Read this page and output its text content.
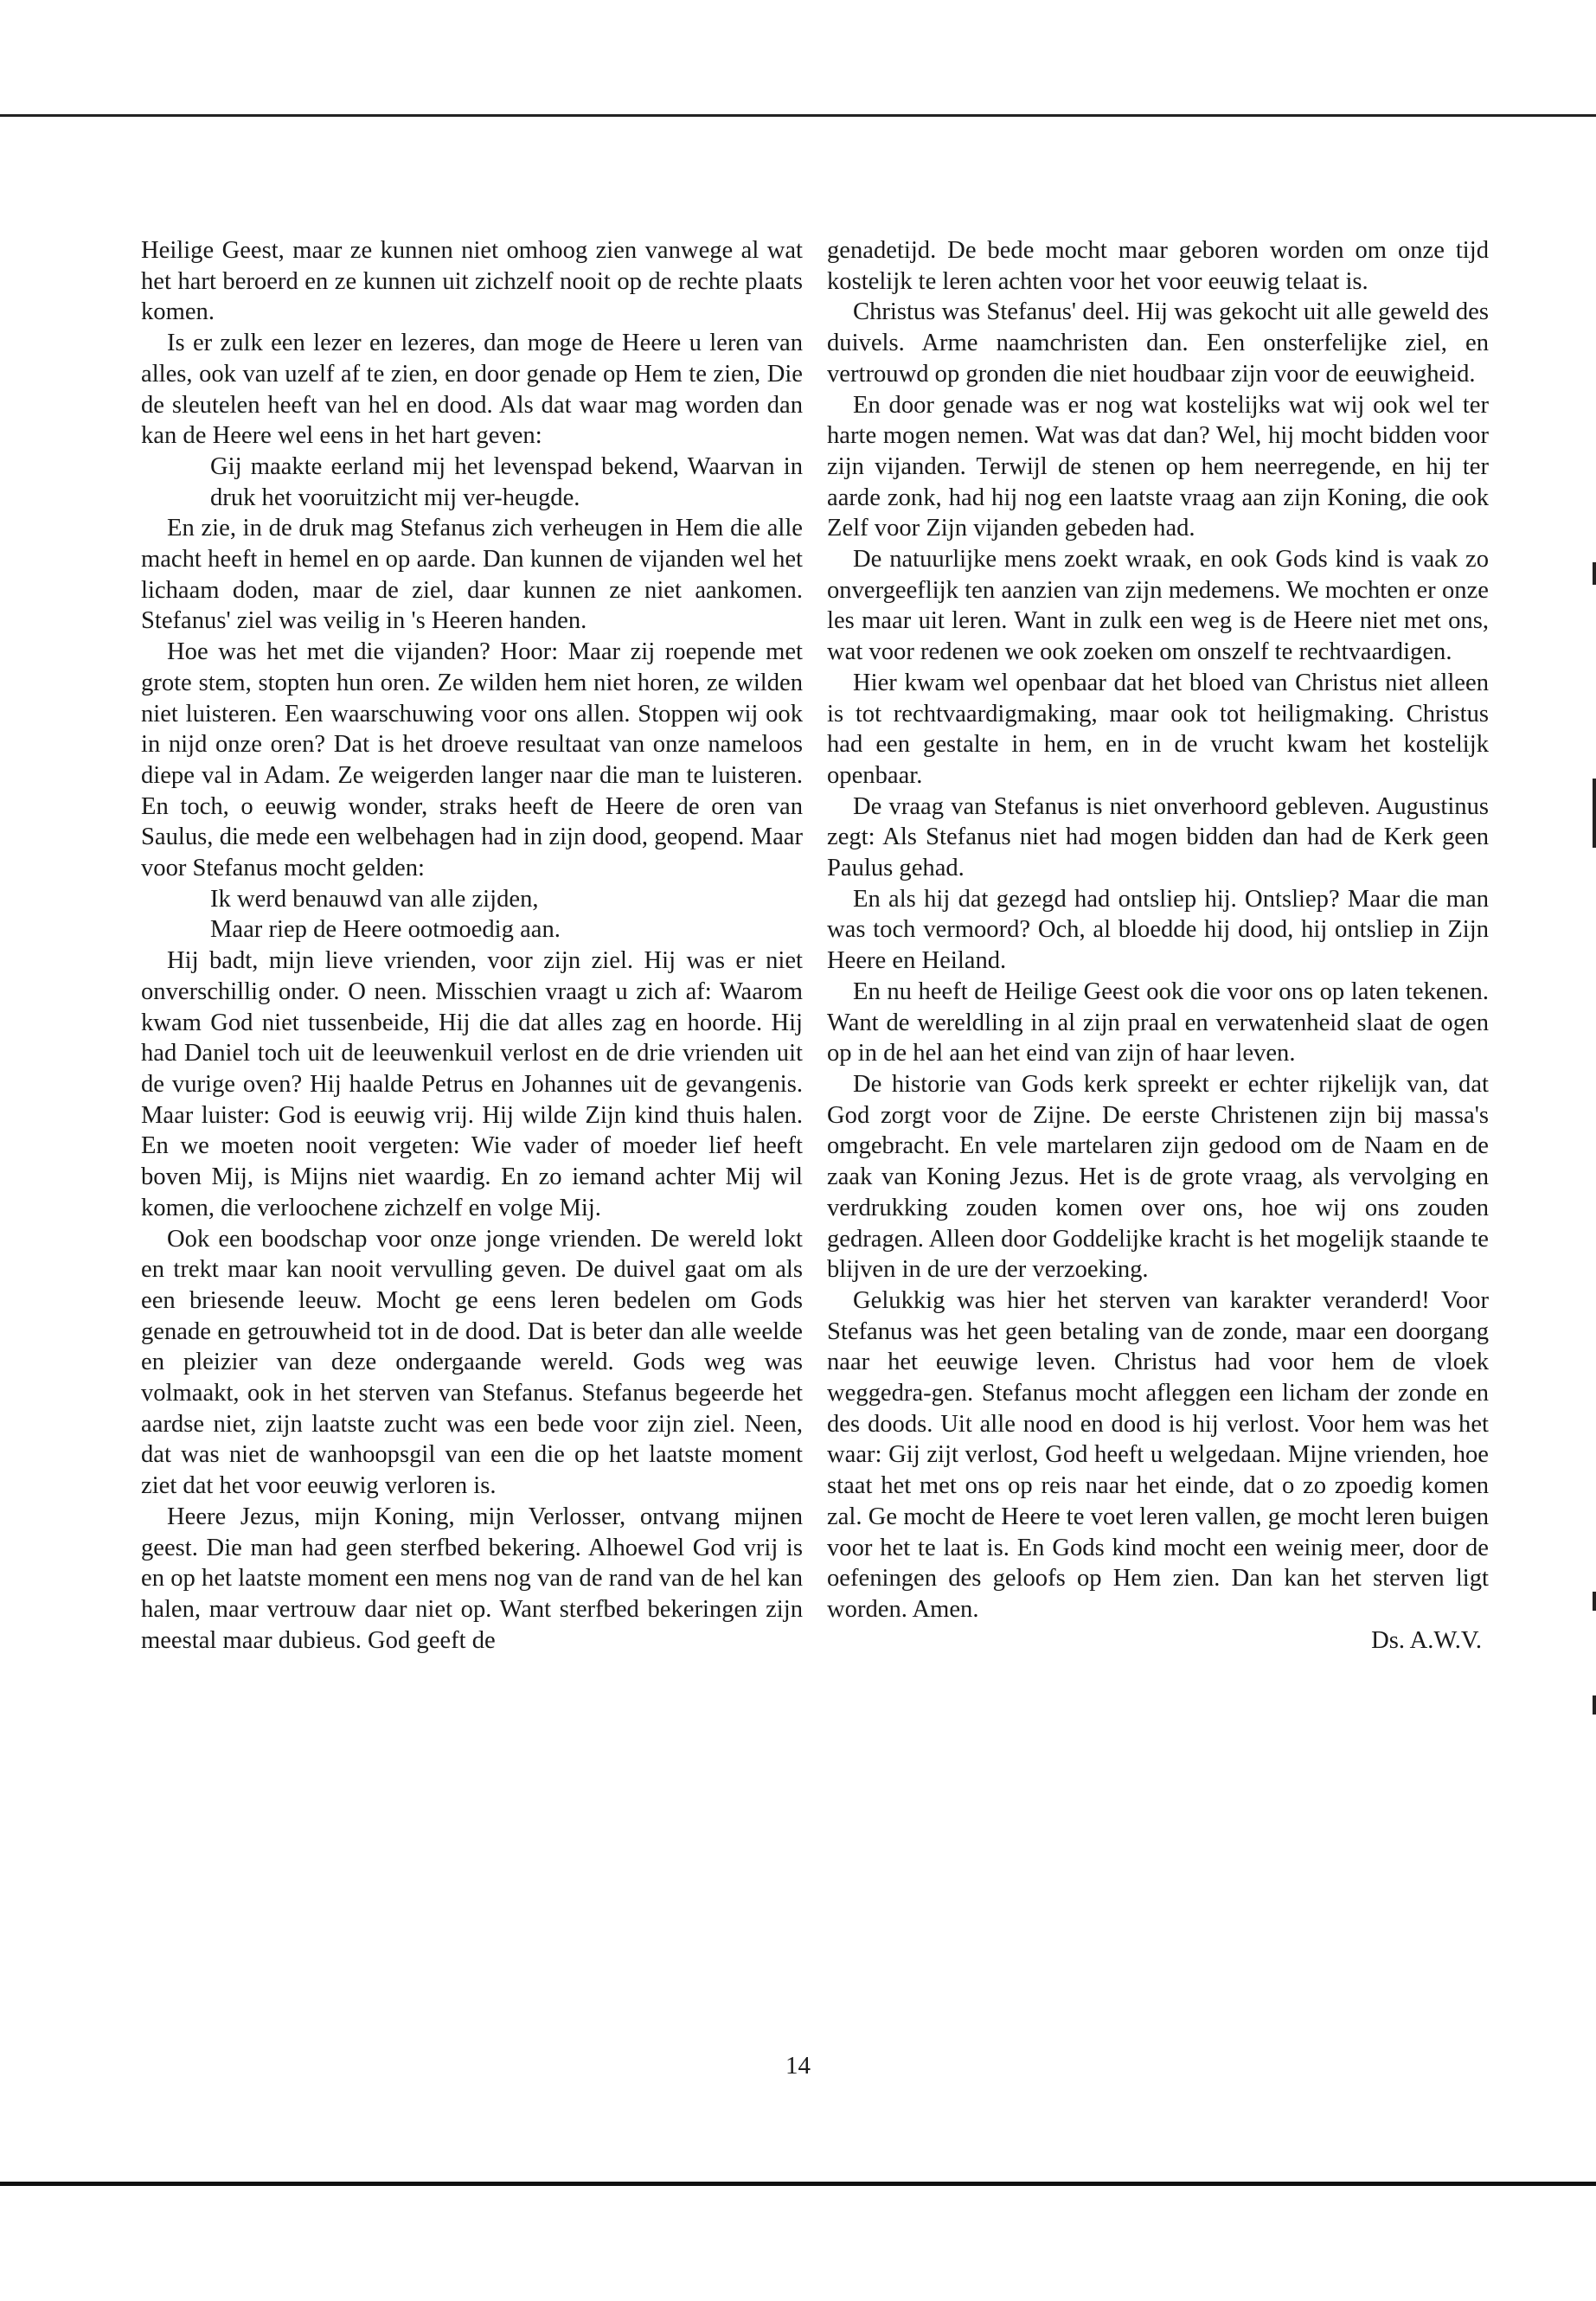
Heilige Geest, maar ze kunnen niet omhoog zien vanwege al wat het hart beroerd en ze kunnen uit zichzelf nooit op de rechte plaats komen.

Is er zulk een lezer en lezeres, dan moge de Heere u leren van alles, ook van uzelf af te zien, en door genade op Hem te zien, Die de sleutelen heeft van hel en dood. Als dat waar mag worden dan kan de Heere wel eens in het hart geven:

Gij maakte eerland mij het levenspad bekend, Waarvan in druk het vooruitzicht mij ver-heugde.

En zie, in de druk mag Stefanus zich verheugen in Hem die alle macht heeft in hemel en op aarde. Dan kunnen de vijanden wel het lichaam doden, maar de ziel, daar kunnen ze niet aankomen. Stefanus' ziel was veilig in 's Heeren handen.

Hoe was het met die vijanden? Hoor: Maar zij roepende met grote stem, stopten hun oren. Ze wilden hem niet horen, ze wilden niet luisteren. Een waarschuwing voor ons allen. Stoppen wij ook in nijd onze oren? Dat is het droeve resultaat van onze nameloos diepe val in Adam. Ze weigerden langer naar die man te luisteren. En toch, o eeuwig wonder, straks heeft de Heere de oren van Saulus, die mede een welbehagen had in zijn dood, geopend. Maar voor Stefanus mocht gelden:

Ik werd benauwd van alle zijden,

Maar riep de Heere ootmoedig aan.

Hij badt, mijn lieve vrienden, voor zijn ziel. Hij was er niet onverschillig onder. O neen. Misschien vraagt u zich af: Waarom kwam God niet tussenbeide, Hij die dat alles zag en hoorde. Hij had Daniel toch uit de leeuwenkuil verlost en de drie vrienden uit de vurige oven? Hij haalde Petrus en Johannes uit de gevangenis. Maar luister: God is eeuwig vrij. Hij wilde Zijn kind thuis halen. En we moeten nooit vergeten: Wie vader of moeder lief heeft boven Mij, is Mijns niet waardig. En zo iemand achter Mij wil komen, die verloochene zichzelf en volge Mij.

Ook een boodschap voor onze jonge vrienden. De wereld lokt en trekt maar kan nooit vervulling geven. De duivel gaat om als een briesende leeuw. Mocht ge eens leren bedelen om Gods genade en getrouwheid tot in de dood. Dat is beter dan alle weelde en pleizier van deze ondergaande wereld. Gods weg was volmaakt, ook in het sterven van Stefanus. Stefanus begeerde het aardse niet, zijn laatste zucht was een bede voor zijn ziel. Neen, dat was niet de wanhoopsgil van een die op het laatste moment ziet dat het voor eeuwig verloren is.

Heere Jezus, mijn Koning, mijn Verlosser, ontvang mijnen geest. Die man had geen sterfbed bekering. Alhoewel God vrij is en op het laatste moment een mens nog van de rand van de hel kan halen, maar vertrouw daar niet op. Want sterfbed bekeringen zijn meestal maar dubieus. God geeft de

genadetijd. De bede mocht maar geboren worden om onze tijd kostelijk te leren achten voor het voor eeuwig telaat is.

Christus was Stefanus' deel. Hij was gekocht uit alle geweld des duivels. Arme naamchristen dan. Een onsterfelijke ziel, en vertrouwd op gronden die niet houdbaar zijn voor de eeuwigheid.

En door genade was er nog wat kostelijks wat wij ook wel ter harte mogen nemen. Wat was dat dan? Wel, hij mocht bidden voor zijn vijanden. Terwijl de stenen op hem neerregende, en hij ter aarde zonk, had hij nog een laatste vraag aan zijn Koning, die ook Zelf voor Zijn vijanden gebeden had.

De natuurlijke mens zoekt wraak, en ook Gods kind is vaak zo onvergeeflijk ten aanzien van zijn medemens. We mochten er onze les maar uit leren. Want in zulk een weg is de Heere niet met ons, wat voor redenen we ook zoeken om onszelf te rechtvaardigen.

Hier kwam wel openbaar dat het bloed van Christus niet alleen is tot rechtvaardigmaking, maar ook tot heiligmaking. Christus had een gestalte in hem, en in de vrucht kwam het kostelijk openbaar.

De vraag van Stefanus is niet onverhoord gebleven. Augustinus zegt: Als Stefanus niet had mogen bidden dan had de Kerk geen Paulus gehad.

En als hij dat gezegd had ontsliep hij. Ontsliep? Maar die man was toch vermoord? Och, al bloedde hij dood, hij ontsliep in Zijn Heere en Heiland.

En nu heeft de Heilige Geest ook die voor ons op laten tekenen. Want de wereldling in al zijn praal en verwatenheid slaat de ogen op in de hel aan het eind van zijn of haar leven.

De historie van Gods kerk spreekt er echter rijkelijk van, dat God zorgt voor de Zijne. De eerste Christenen zijn bij massa's omgebracht. En vele martelaren zijn gedood om de Naam en de zaak van Koning Jezus. Het is de grote vraag, als vervolging en verdrukking zouden komen over ons, hoe wij ons zouden gedragen. Alleen door Goddelijke kracht is het mogelijk staande te blijven in de ure der verzoeking.

Gelukkig was hier het sterven van karakter veranderd! Voor Stefanus was het geen betaling van de zonde, maar een doorgang naar het eeuwige leven. Christus had voor hem de vloek weggedra-gen. Stefanus mocht afleggen een licham der zonde en des doods. Uit alle nood en dood is hij verlost. Voor hem was het waar: Gij zijt verlost, God heeft u welgedaan. Mijne vrienden, hoe staat het met ons op reis naar het einde, dat o zo zpoedig komen zal. Ge mocht de Heere te voet leren vallen, ge mocht leren buigen voor het te laat is. En Gods kind mocht een weinig meer, door de oefeningen des geloofs op Hem zien. Dan kan het sterven ligt worden. Amen.

Ds. A.W.V.

14
